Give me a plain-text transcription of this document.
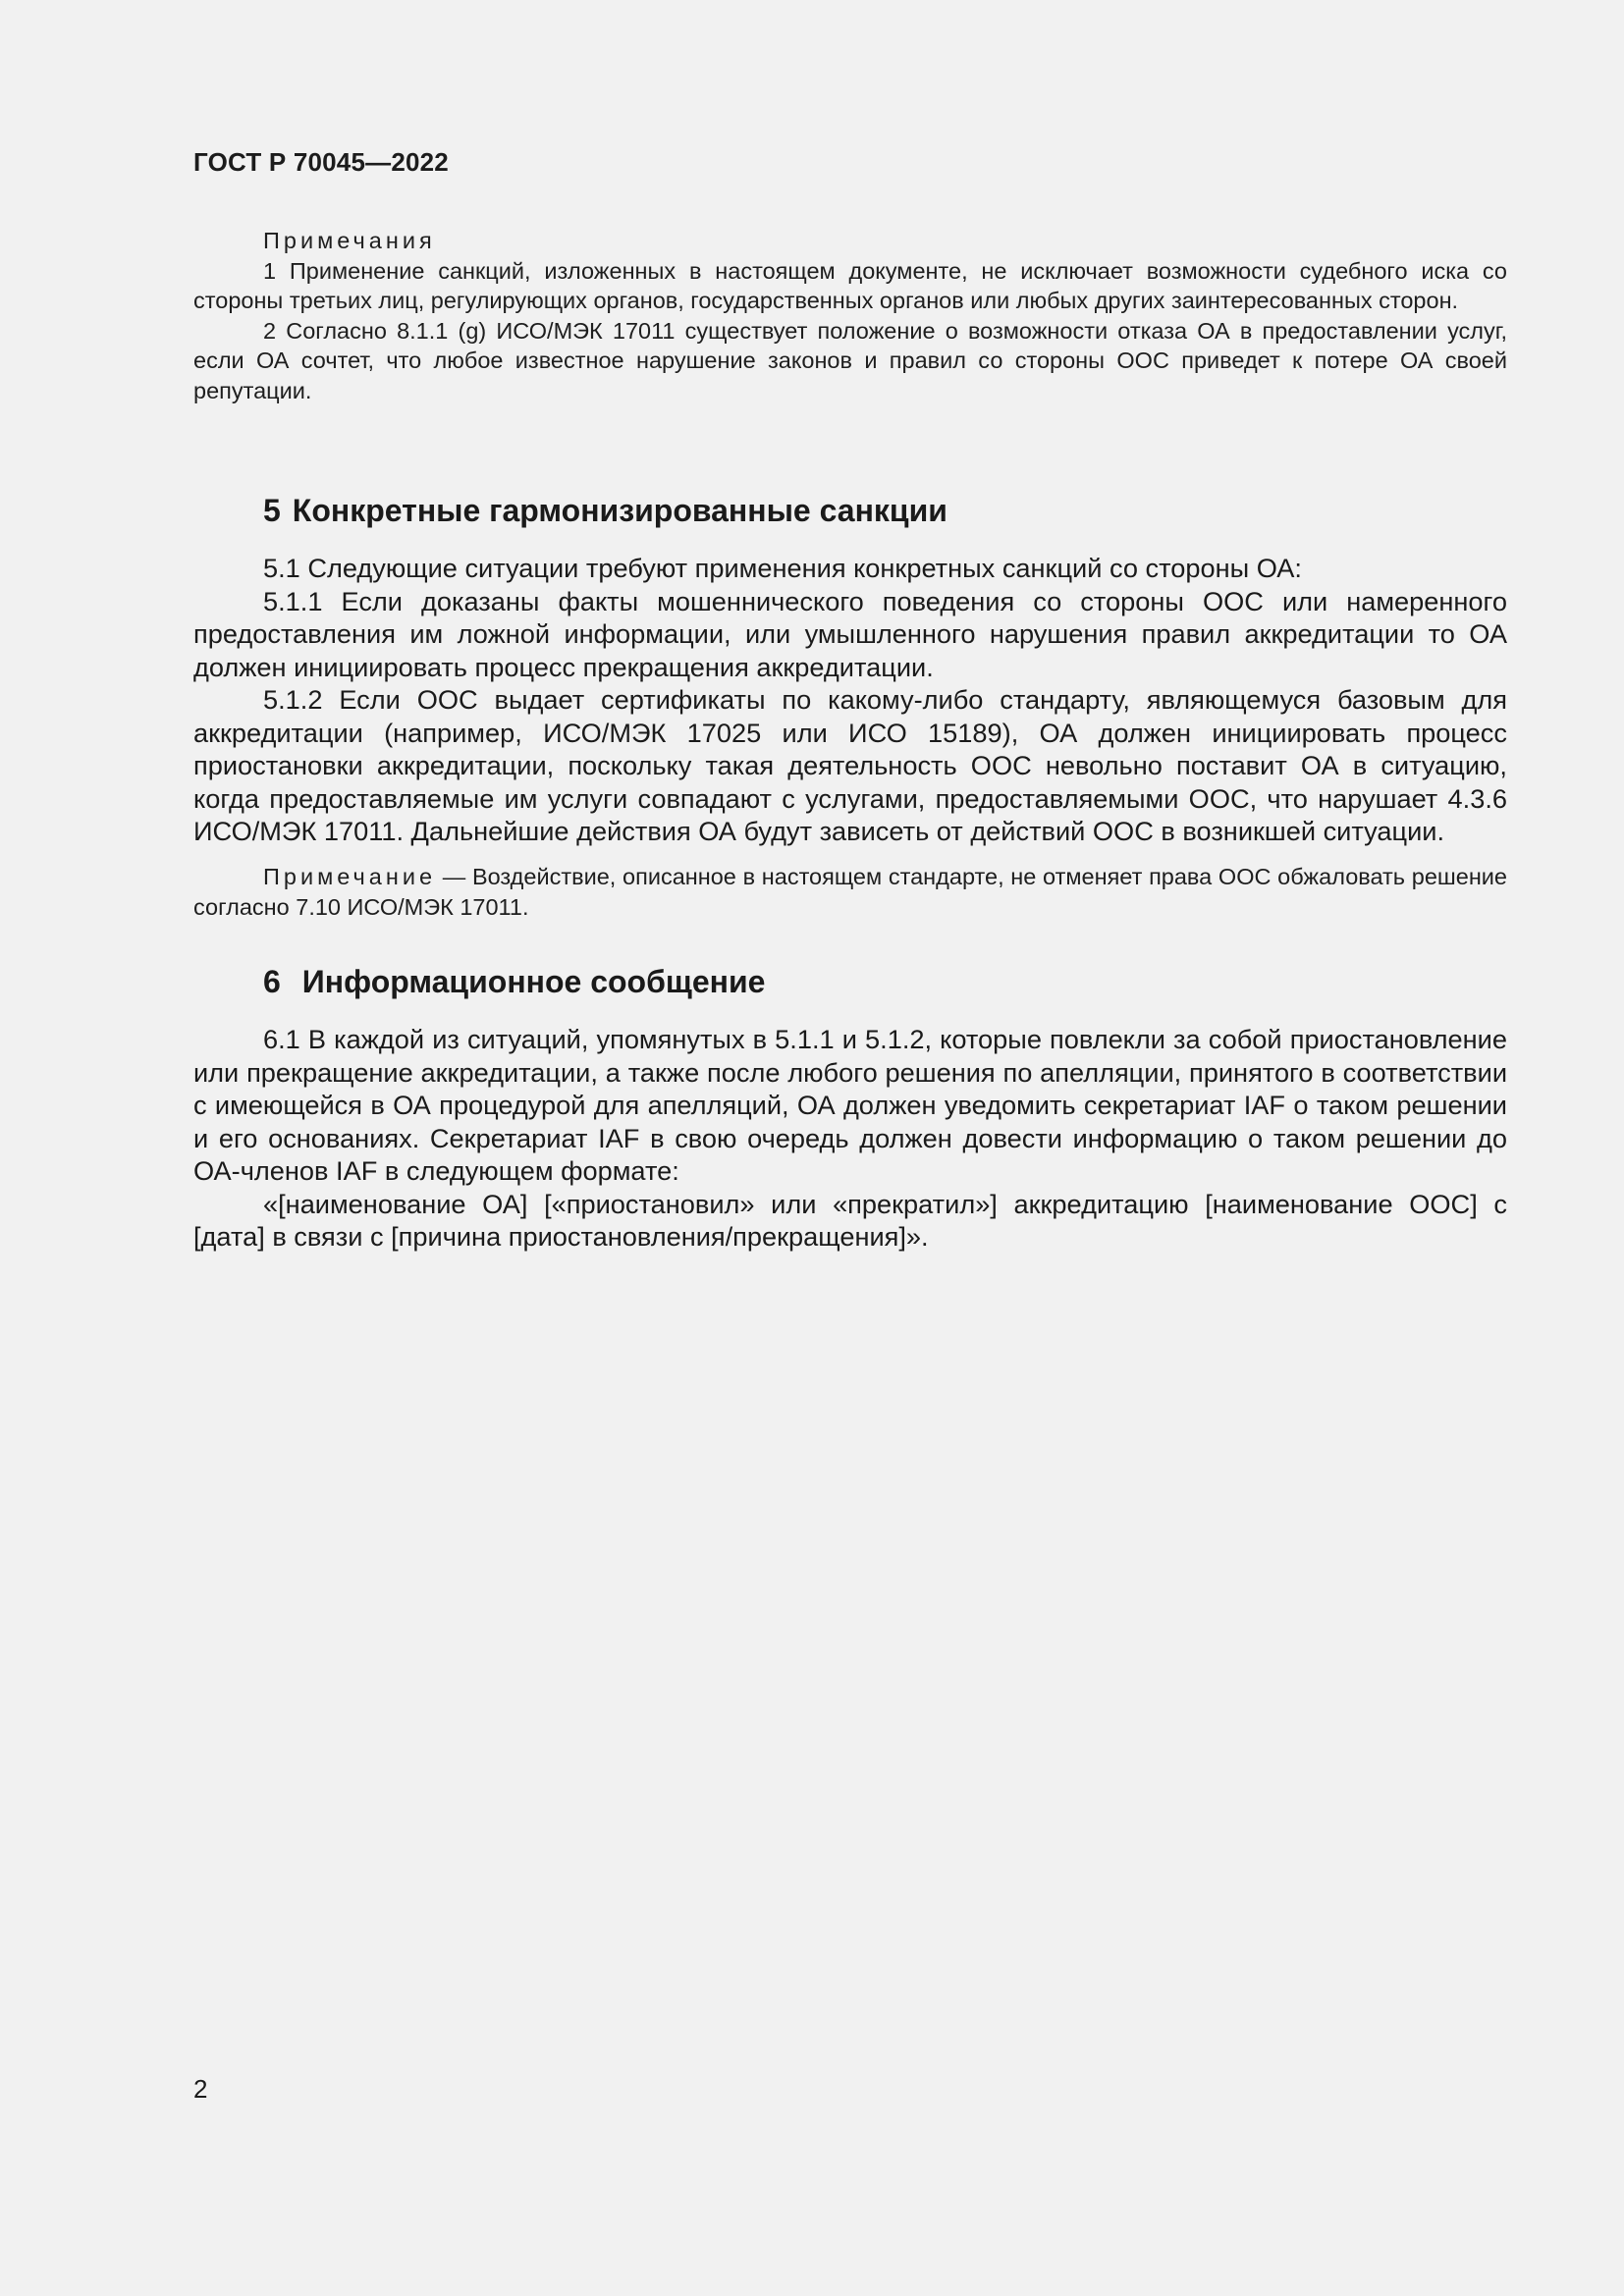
ГОСТ Р 70045—2022

Примечания

1 Применение санкций, изложенных в настоящем документе, не исключает возможности судебного иска со стороны третьих лиц, регулирующих органов, государственных органов или любых других заинтересованных сторон.

2 Согласно 8.1.1 (g) ИСО/МЭК 17011 существует положение о возможности отказа ОА в предоставлении услуг, если ОА сочтет, что любое известное нарушение законов и правил со стороны ООС приведет к потере ОА своей репутации.

5 Конкретные гармонизированные санкции

5.1 Следующие ситуации требуют применения конкретных санкций со стороны ОА:

5.1.1 Если доказаны факты мошеннического поведения со стороны ООС или намеренного предоставления им ложной информации, или умышленного нарушения правил аккредитации то ОА должен инициировать процесс прекращения аккредитации.

5.1.2 Если ООС выдает сертификаты по какому-либо стандарту, являющемуся базовым для аккредитации (например, ИСО/МЭК 17025 или ИСО 15189), ОА должен инициировать процесс приостановки аккредитации, поскольку такая деятельность ООС невольно поставит ОА в ситуацию, когда предоставляемые им услуги совпадают с услугами, предоставляемыми ООС, что нарушает 4.3.6 ИСО/МЭК 17011. Дальнейшие действия ОА будут зависеть от действий ООС в возникшей ситуации.

Примечание — Воздействие, описанное в настоящем стандарте, не отменяет права ООС обжаловать решение согласно 7.10 ИСО/МЭК 17011.

6 Информационное сообщение

6.1 В каждой из ситуаций, упомянутых в 5.1.1 и 5.1.2, которые повлекли за собой приостановление или прекращение аккредитации, а также после любого решения по апелляции, принятого в соответствии с имеющейся в ОА процедурой для апелляций, ОА должен уведомить секретариат IAF о таком решении и его основаниях. Секретариат IAF в свою очередь должен довести информацию о таком решении до ОА-членов IAF в следующем формате:

«[наименование ОА] [«приостановил» или «прекратил»] аккредитацию [наименование ООС] с [дата] в связи с [причина приостановления/прекращения]».

2
